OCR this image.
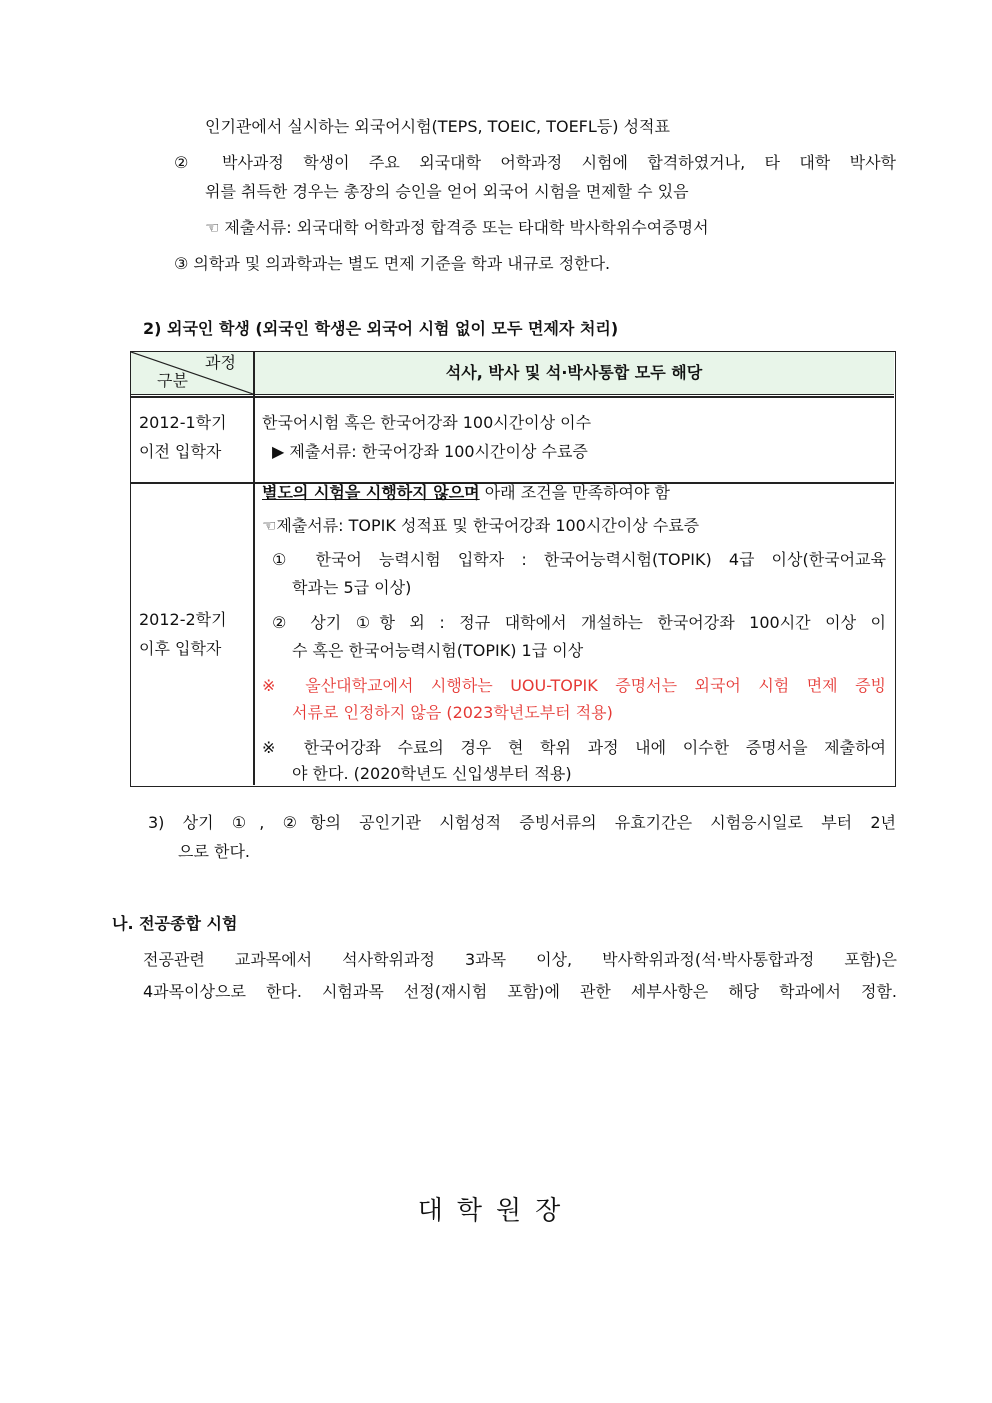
인기관에서 실시하는 외국어시험(TEPS, TOEIC, TOEFL등) 성적표
② 박사과정 학생이 주요 외국대학 어학과정 시험에 합격하였거나, 타 대학 박사학
위를 취득한 경우는 총장의 승인을 얻어 외국어 시험을 면제할 수 있음
☜ 제출서류: 외국대학 어학과정 합격증 또는 타대학 박사학위수여증명서
③ 의학과 및 의과학과는 별도 면제 기준을 학과 내규로 정한다.
2) 외국인 학생 (외국인 학생은 외국어 시험 없이 모두 면제자 처리)
과정
구분	석사, 박사 및 석·박사통합 모두 해당
2012-1학기
이전 입학자
한국어시험 혹은 한국어강좌 100시간이상 이수
▶ 제출서류: 한국어강좌 100시간이상 수료증
2012-2학기
이후 입학자
별도의 시험을 시행하지 않으며 아래 조건을 만족하여야 함
☜제출서류: TOPIK 성적표 및 한국어강좌 100시간이상 수료증
① 한국어 능력시험 입학자 : 한국어능력시험(TOPIK) 4급 이상(한국어교육
학과는 5급 이상)
② 상기 ①항 외 : 정규 대학에서 개설하는 한국어강좌 100시간 이상 이
수 혹은 한국어능력시험(TOPIK) 1급 이상
※ 울산대학교에서 시행하는 UOU-TOPIK 증명서는 외국어 시험 면제 증빙
서류로 인정하지 않음 (2023학년도부터 적용)
※ 한국어강좌 수료의 경우 현 학위 과정 내에 이수한 증명서을 제출하여
야 한다. (2020학년도 신입생부터 적용)
3) 상기 ①, ②항의 공인기관 시험성적 증빙서류의 유효기간은 시험응시일로 부터 2년
으로 한다.
나. 전공종합 시험
전공관련 교과목에서 석사학위과정 3과목 이상, 박사학위과정(석·박사통합과정 포함)은
4과목이상으로 한다. 시험과목 선정(재시험 포함)에 관한 세부사항은 해당 학과에서 정함.
대학원장
